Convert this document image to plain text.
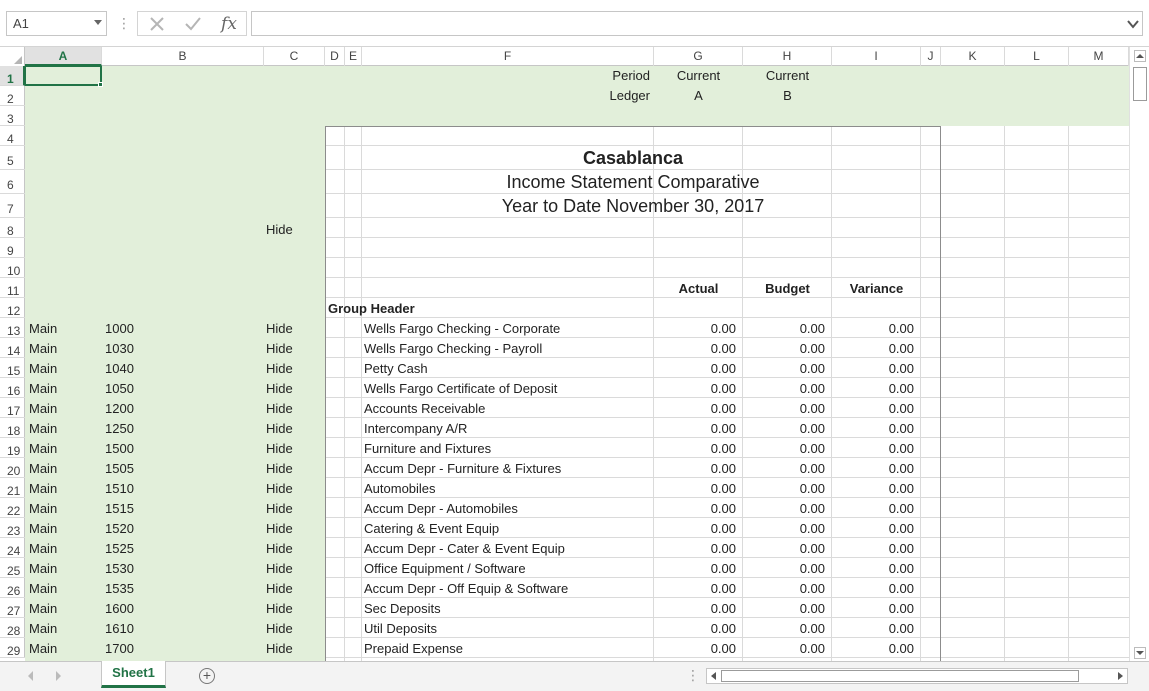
A1	⋮	fx
A	B	C	D E	F	G	H	I	J	K	L	M
1
2
3
4
5
6
7
8
9
10
11
12
13
14
15
16
17
18
19
20
21
22
23
24
25
26
27
28
29
Period	Current	Current
Ledger	A	B
Hide
Casablanca
Income Statement Comparative
Year to Date November 30, 2017
Actual	Budget	Variance
Group Header
Main	1000	Hide	Wells Fargo Checking - Corporate	0.00	0.00	0.00
Main	1030	Hide	Wells Fargo Checking - Payroll	0.00	0.00	0.00
Main	1040	Hide	Petty Cash	0.00	0.00	0.00
Main	1050	Hide	Wells Fargo Certificate of Deposit	0.00	0.00	0.00
Main	1200	Hide	Accounts Receivable	0.00	0.00	0.00
Main	1250	Hide	Intercompany A/R	0.00	0.00	0.00
Main	1500	Hide	Furniture and Fixtures	0.00	0.00	0.00
Main	1505	Hide	Accum Depr - Furniture & Fixtures	0.00	0.00	0.00
Main	1510	Hide	Automobiles	0.00	0.00	0.00
Main	1515	Hide	Accum Depr - Automobiles	0.00	0.00	0.00
Main	1520	Hide	Catering & Event Equip	0.00	0.00	0.00
Main	1525	Hide	Accum Depr - Cater & Event Equip	0.00	0.00	0.00
Main	1530	Hide	Office Equipment / Software	0.00	0.00	0.00
Main	1535	Hide	Accum Depr - Off Equip & Software	0.00	0.00	0.00
Main	1600	Hide	Sec Deposits	0.00	0.00	0.00
Main	1610	Hide	Util Deposits	0.00	0.00	0.00
Main	1700	Hide	Prepaid Expense	0.00	0.00	0.00
Sheet1	+	⋮
